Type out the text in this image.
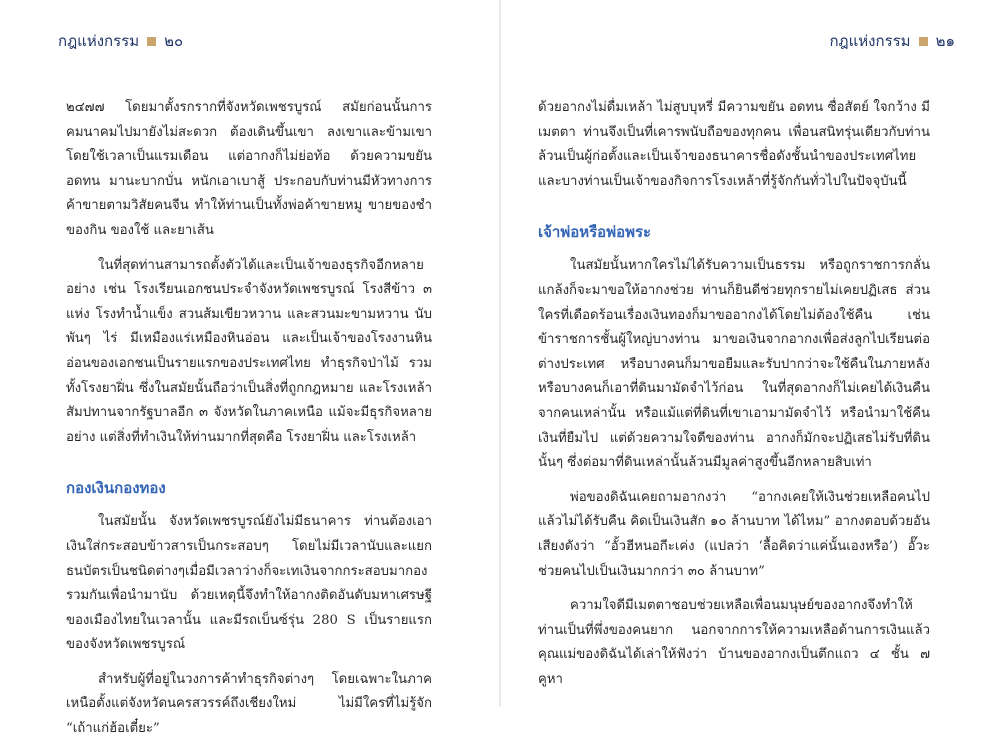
กฎแห่งกรรม ๒๐	กฎแห่งกรรม ๒๑

๒๔๗๗ โดยมาตั้งรกรากที่จังหวัดเพชรบูรณ์ สมัยก่อนนั้นการคมนาคมไปมายังไม่สะดวก ต้องเดินขึ้นเขา ลงเขาและข้ามเขาโดยใช้เวลาเป็นแรมเดือน แต่อากงก็ไม่ย่อท้อ ด้วยความขยัน อดทน มานะบากบั่น หนักเอาเบาสู้ ประกอบกับท่านมีหัวทางการค้าขายตามวิสัยคนจีน ทำให้ท่านเป็นทั้งพ่อค้าขายหมู ขายของชำของกิน ของใช้ และยาเส้น

ในที่สุดท่านสามารถตั้งตัวได้และเป็นเจ้าของธุรกิจอีกหลายอย่าง เช่น โรงเรียนเอกชนประจำจังหวัดเพชรบูรณ์ โรงสีข้าว ๓ แห่ง โรงทำน้ำแข็ง สวนส้มเขียวหวาน และสวนมะขามหวาน นับพันๆ ไร่ มีเหมืองแร่เหมืองหินอ่อน และเป็นเจ้าของโรงงานหินอ่อนของเอกชนเป็นรายแรกของประเทศไทย ทำธุรกิจป่าไม้ รวมทั้งโรงยาฝิ่น ซึ่งในสมัยนั้นถือว่าเป็นสิ่งที่ถูกกฎหมาย และโรงเหล้าสัมปทานจากรัฐบาลอีก ๓ จังหวัดในภาคเหนือ แม้จะมีธุรกิจหลายอย่าง แต่สิ่งที่ทำเงินให้ท่านมากที่สุดคือ โรงยาฝิ่น และโรงเหล้า

กองเงินกองทอง

ในสมัยนั้น จังหวัดเพชรบูรณ์ยังไม่มีธนาคาร ท่านต้องเอาเงินใส่กระสอบข้าวสารเป็นกระสอบๆ โดยไม่มีเวลานับและแยกธนบัตรเป็นชนิดต่างๆเมื่อมีเวลาว่างก็จะเทเงินจากกระสอบมากองรวมกันเพื่อนำมานับ ด้วยเหตุนี้จึงทำให้อากงติดอันดับมหาเศรษฐีของเมืองไทยในเวลานั้น และมีรถเบ็นซ์รุ่น 280 S เป็นรายแรกของจังหวัดเพชรบูรณ์

สำหรับผู้ที่อยู่ในวงการค้าทำธุรกิจต่างๆ โดยเฉพาะในภาคเหนือตั้งแต่จังหวัดนครสวรรค์ถึงเชียงใหม่ ไม่มีใครที่ไม่รู้จัก “เถ้าแก่ฮ้อเตี๋ยะ”

ด้วยอากงไม่ดื่มเหล้า ไม่สูบบุหรี่ มีความขยัน อดทน ซื่อสัตย์ ใจกว้าง มีเมตตา ท่านจึงเป็นที่เคารพนับถือของทุกคน เพื่อนสนิทรุ่นเดียวกับท่านล้วนเป็นผู้ก่อตั้งและเป็นเจ้าของธนาคารชื่อดังชั้นนำของประเทศไทย และบางท่านเป็นเจ้าของกิจการโรงเหล้าที่รู้จักกันทั่วไปในปัจจุบันนี้

เจ้าพ่อหรือพ่อพระ

ในสมัยนั้นหากใครไม่ได้รับความเป็นธรรม หรือถูกราชการกลั่นแกล้งก็จะมาขอให้อากงช่วย ท่านก็ยินดีช่วยทุกรายไม่เคยปฏิเสธ ส่วนใครที่เดือดร้อนเรื่องเงินทองก็มาขออากงได้โดยไม่ต้องใช้คืน เช่น ข้าราชการชั้นผู้ใหญ่บางท่าน มาขอเงินจากอากงเพื่อส่งลูกไปเรียนต่อต่างประเทศ หรือบางคนก็มาขอยืมและรับปากว่าจะใช้คืนในภายหลัง หรือบางคนก็เอาที่ดินมามัดจำไว้ก่อน ในที่สุดอากงก็ไม่เคยได้เงินคืนจากคนเหล่านั้น หรือแม้แต่ที่ดินที่เขาเอามามัดจำไว้ หรือนำมาใช้คืนเงินที่ยืมไป แต่ด้วยความใจดีของท่าน อากงก็มักจะปฏิเสธไม่รับที่ดินนั้นๆ ซึ่งต่อมาที่ดินเหล่านั้นล้วนมีมูลค่าสูงขึ้นอีกหลายสิบเท่า

พ่อของดิฉันเคยถามอากงว่า “อากงเคยให้เงินช่วยเหลือคนไปแล้วไม่ได้รับคืน คิดเป็นเงินสัก ๑๐ ล้านบาท ได้ไหม” อากงตอบด้วยอันเสียงดังว่า “อั้วฮีหนอกีะเค่ง (แปลว่า ‘ลื้อคิดว่าแค่นั้นเองหรือ’) อั๊วะช่วยคนไปเป็นเงินมากกว่า ๓๐ ล้านบาท”

ความใจดีมีเมตตาชอบช่วยเหลือเพื่อนมนุษย์ของอากงจึงทำให้ท่านเป็นที่พึ่งของคนยาก นอกจากการให้ความเหลือด้านการเงินแล้ว คุณแม่ของดิฉันได้เล่าให้ฟังว่า บ้านของอากงเป็นตึกแถว ๔ ชั้น ๗ คูหา
